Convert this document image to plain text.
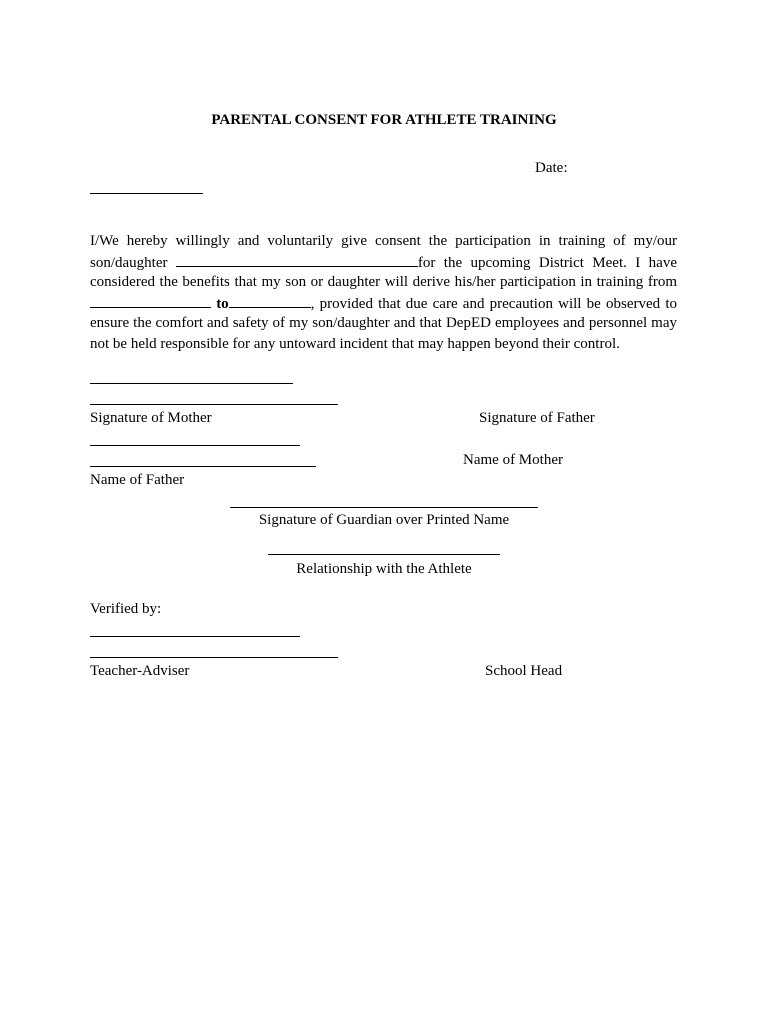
PARENTAL CONSENT FOR ATHLETE TRAINING
Date:
I/We hereby willingly and voluntarily give consent the participation in training of my/our
son/daughter	for the upcoming District Meet. I have
considered the benefits that my son or daughter will derive his/her participation in training from
to	, provided that due care and precaution will be observed to
ensure the comfort and safety of my son/daughter and that DepED employees and personnel may
not be held responsible for any untoward incident that may happen beyond their control.
Signature of Mother	Signature of Father
Name of Mother
Name of Father
Signature of Guardian over Printed Name
Relationship with the Athlete
Verified by:
Teacher-Adviser	School Head
